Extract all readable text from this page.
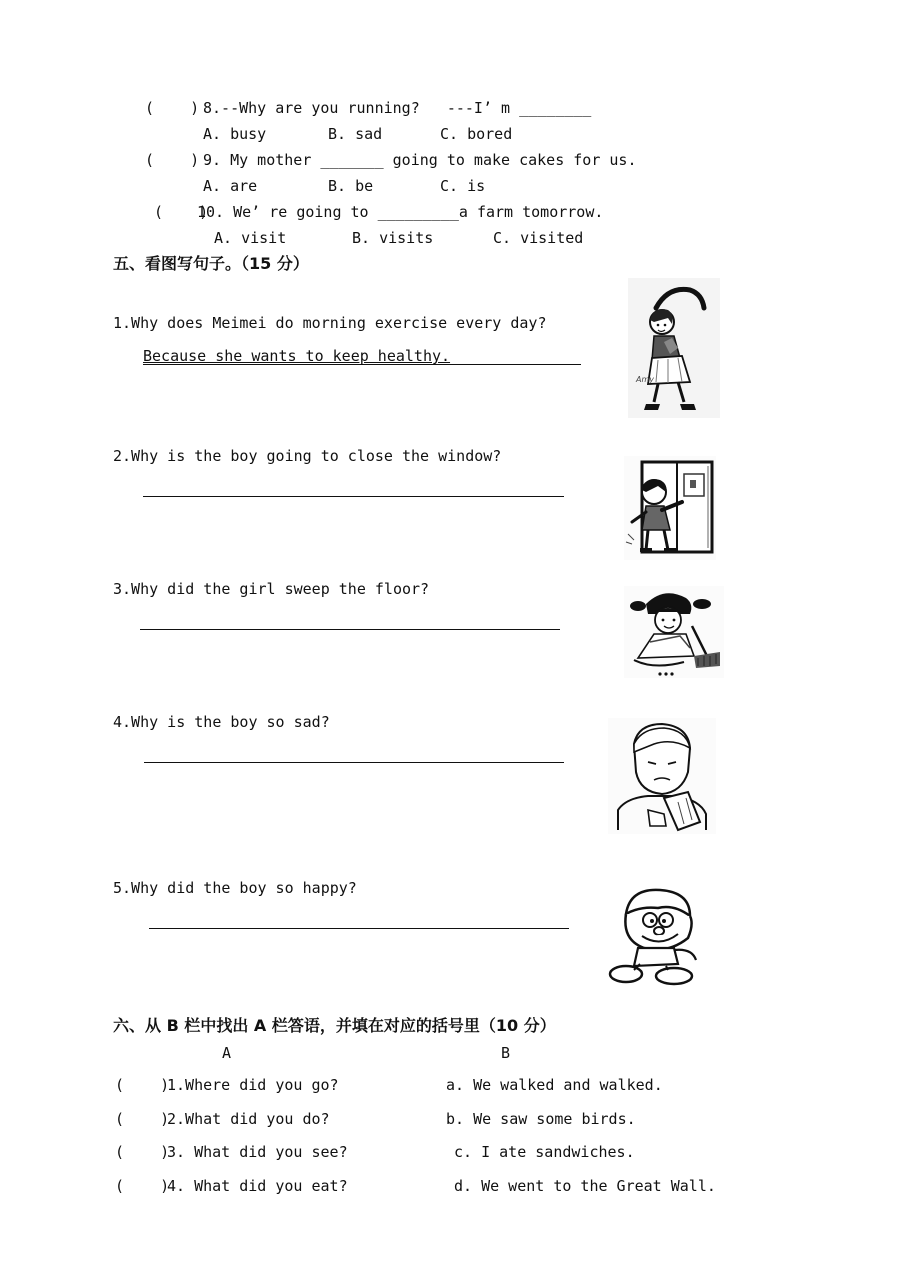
(    ) 8.--Why are you running?   ---I’ m ________
A. busy	B. sad	C. bored
(    ) 9. My mother _______ going to make cakes for us.
A. are	B. be	C. is
(    )
10. We’ re going to _________a farm tomorrow.
A. visit	B. visits	C. visited
五、看图写句子。（15 分）
1.Why does Meimei do morning exercise every day?
Because she wants to keep healthy.
2.Why is the boy going to close the window?
3.Why did the girl sweep the floor?
4.Why is the boy so sad?
5.Why did the boy so happy?
Amy
六、从 B 栏中找出 A 栏答语，并填在对应的括号里（10 分）
A	B
(    )
1.Where did you go?	a. We walked and walked.
(    )
2.What did you do?	b. We saw some birds.
(    )
3. What did you see?	c. I ate sandwiches.
(    )
4. What did you eat?	d. We went to the Great Wall.
